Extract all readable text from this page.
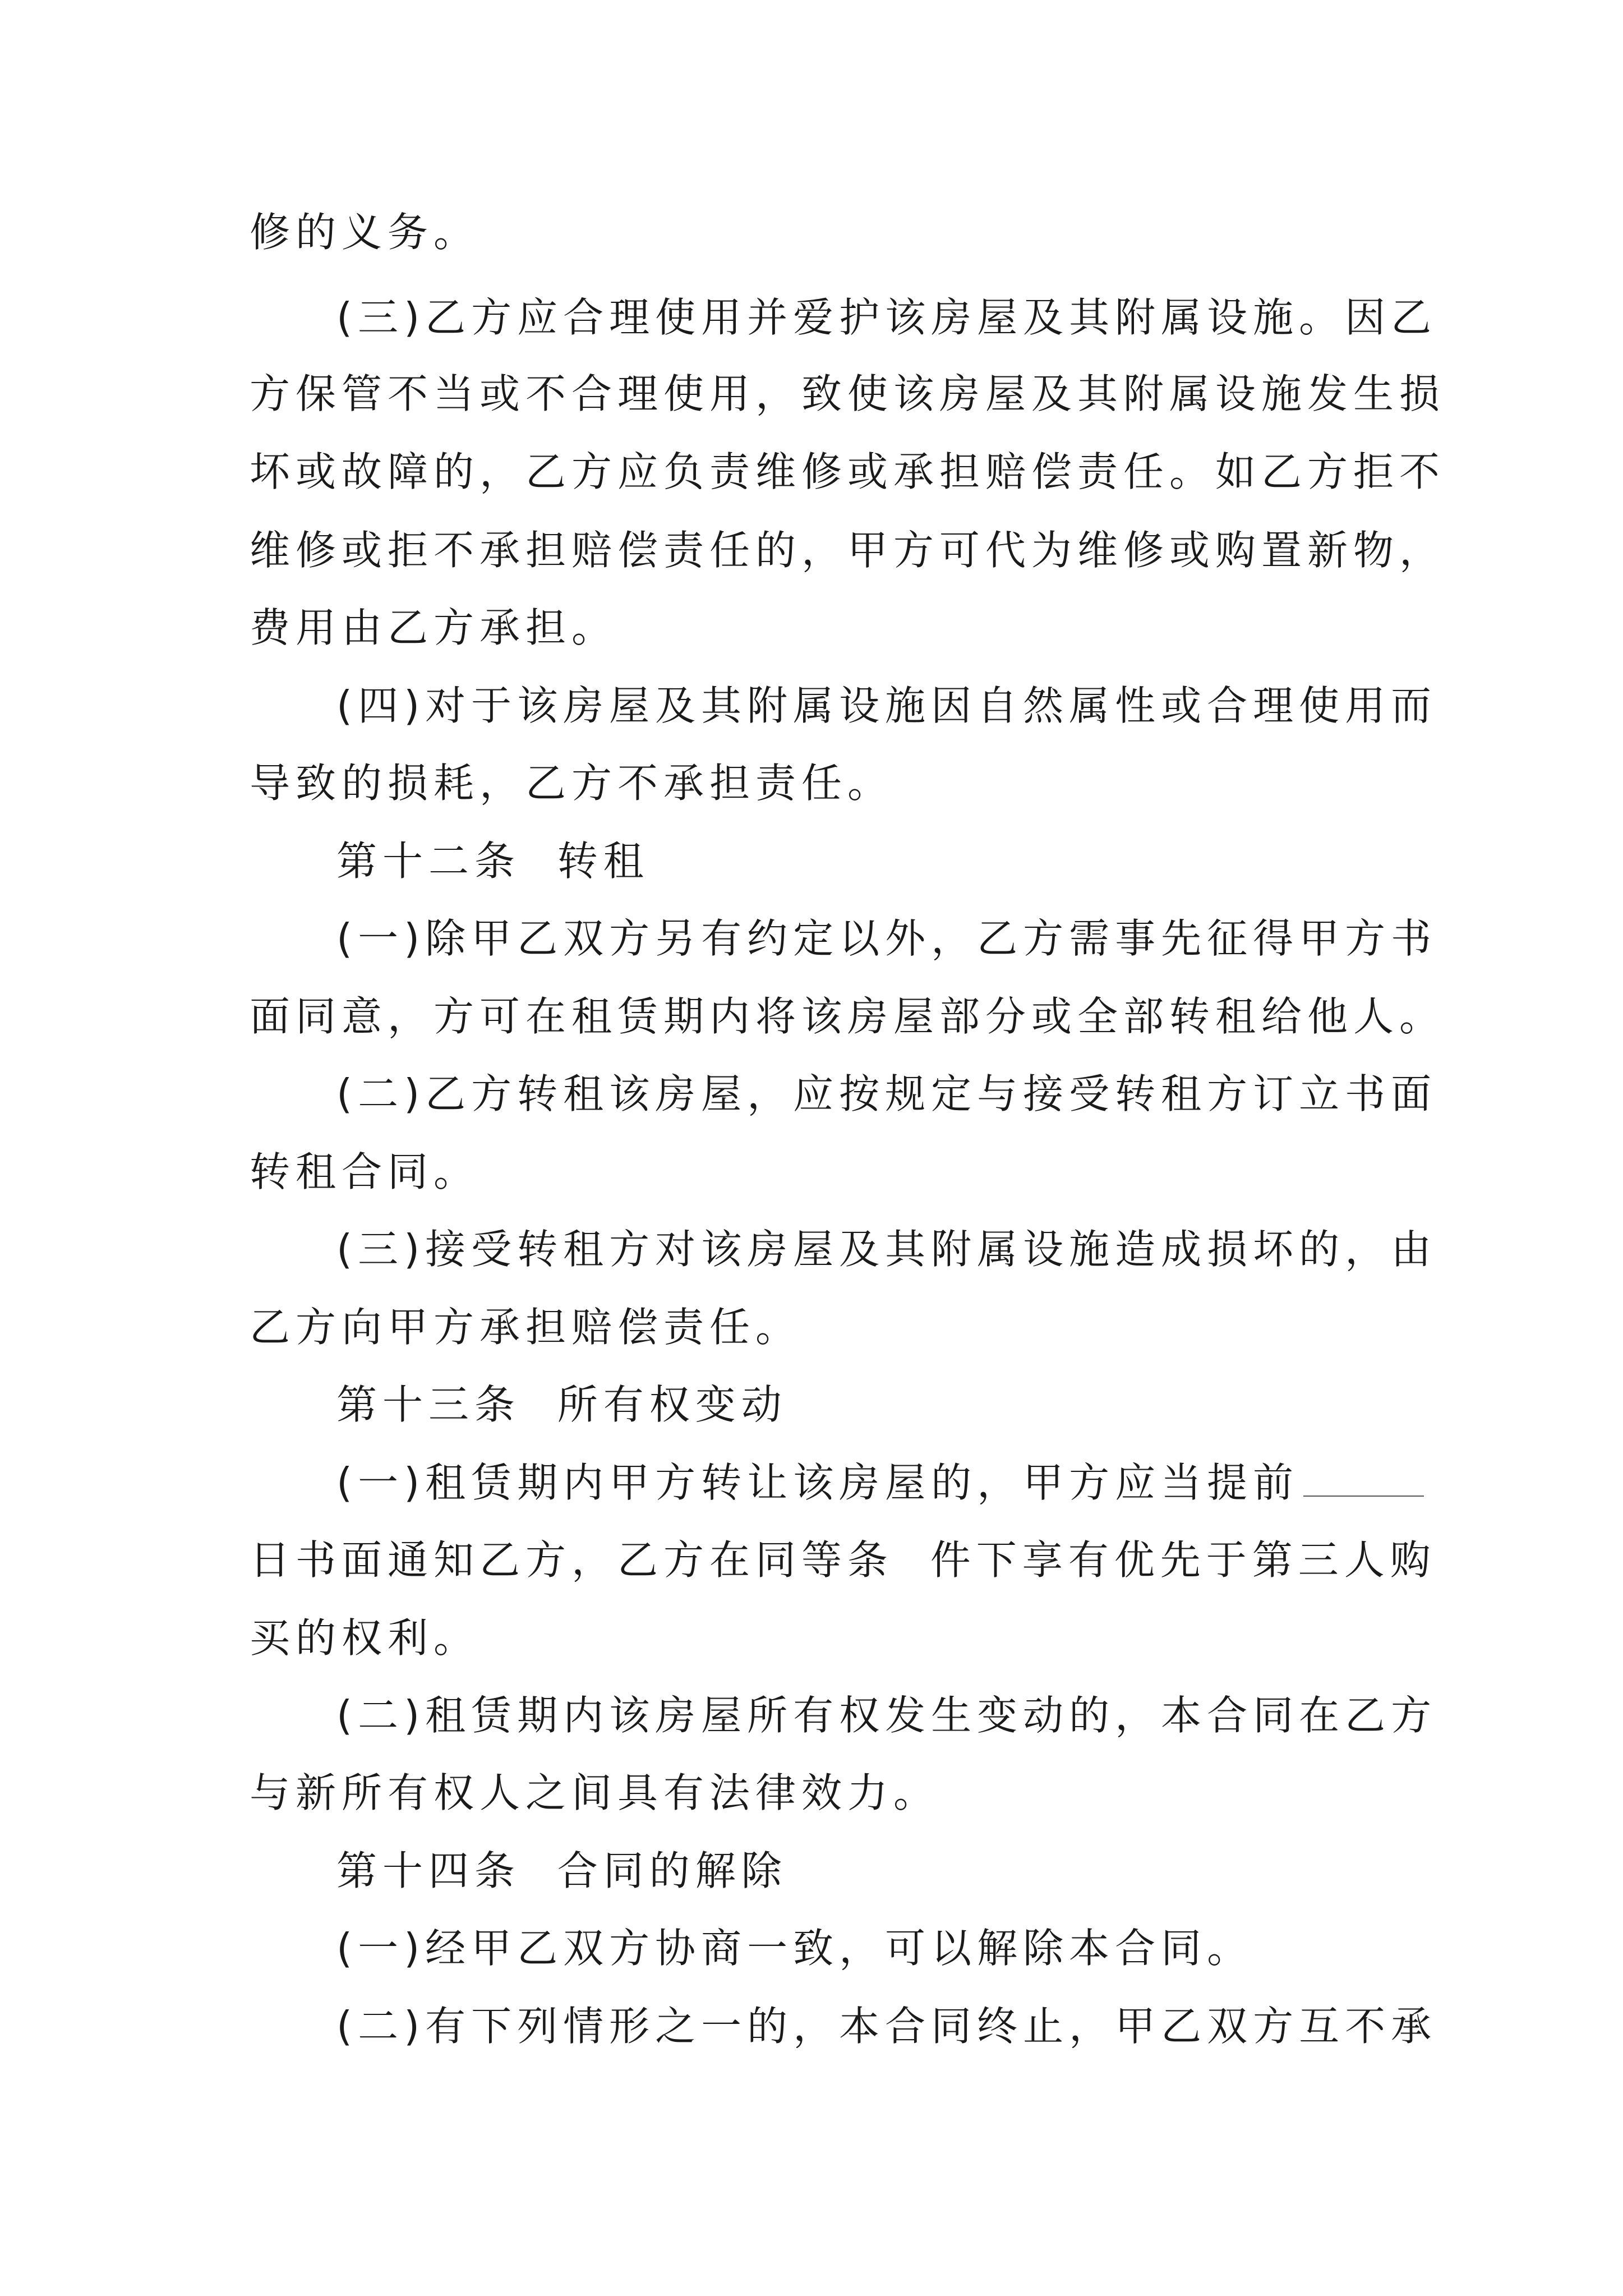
修的义务。
(三)乙方应合理使用并爱护该房屋及其附属设施。因乙
方保管不当或不合理使用，致使该房屋及其附属设施发生损
坏或故障的，乙方应负责维修或承担赔偿责任。如乙方拒不
维修或拒不承担赔偿责任的，甲方可代为维修或购置新物，
费用由乙方承担。
(四)对于该房屋及其附属设施因自然属性或合理使用而
导致的损耗，乙方不承担责任。
第十二条  转租
(一)除甲乙双方另有约定以外，乙方需事先征得甲方书
面同意，方可在租赁期内将该房屋部分或全部转租给他人。
(二)乙方转租该房屋，应按规定与接受转租方订立书面
转租合同。
(三)接受转租方对该房屋及其附属设施造成损坏的，由
乙方向甲方承担赔偿责任。
第十三条  所有权变动
(一)租赁期内甲方转让该房屋的，甲方应当提前
日书面通知乙方，乙方在同等条  件下享有优先于第三人购
买的权利。
(二)租赁期内该房屋所有权发生变动的，本合同在乙方
与新所有权人之间具有法律效力。
第十四条  合同的解除
(一)经甲乙双方协商一致，可以解除本合同。
(二)有下列情形之一的，本合同终止，甲乙双方互不承
